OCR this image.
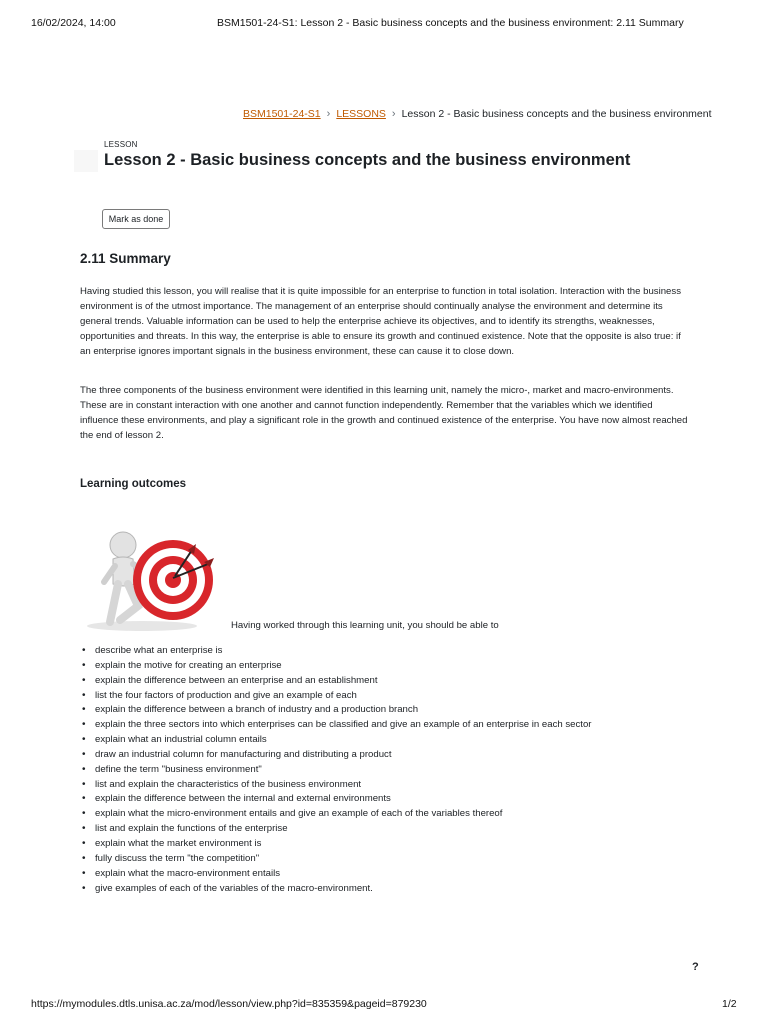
16/02/2024, 14:00	BSM1501-24-S1: Lesson 2 - Basic business concepts and the business environment: 2.11 Summary
BSM1501-24-S1 › LESSONS › Lesson 2 - Basic business concepts and the business environment
LESSON
Lesson 2 - Basic business concepts and the business environment
Mark as done
2.11 Summary

Having studied this lesson, you will realise that it is quite impossible for an enterprise to function in total isolation. Interaction with the business environment is of the utmost importance. The management of an enterprise should continually analyse the environment and determine its general trends. Valuable information can be used to help the enterprise achieve its objectives, and to identify its strengths, weaknesses, opportunities and threats. In this way, the enterprise is able to ensure its growth and continued existence. Note that the opposite is also true: if an enterprise ignores important signals in the business environment, these can cause it to close down.

The three components of the business environment were identified in this learning unit, namely the micro-, market and macro-environments. These are in constant interaction with one another and cannot function independently. Remember that the variables which we identified influence these environments, and play a significant role in the growth and continued existence of the enterprise. You have now almost reached the end of lesson 2.

Learning outcomes
Having worked through this learning unit, you should be able to
• describe what an enterprise is
• explain the motive for creating an enterprise
• explain the difference between an enterprise and an establishment
• list the four factors of production and give an example of each
• explain the difference between a branch of industry and a production branch
• explain the three sectors into which enterprises can be classified and give an example of an enterprise in each sector
• explain what an industrial column entails
• draw an industrial column for manufacturing and distributing a product
• define the term "business environment"
• list and explain the characteristics of the business environment
• explain the difference between the internal and external environments
• explain what the micro-environment entails and give an example of each of the variables thereof
• list and explain the functions of the enterprise
• explain what the market environment is
• fully discuss the term "the competition"
• explain what the macro-environment entails
• give examples of each of the variables of the macro-environment.
?
https://mymodules.dtls.unisa.ac.za/mod/lesson/view.php?id=835359&pageid=879230	1/2
